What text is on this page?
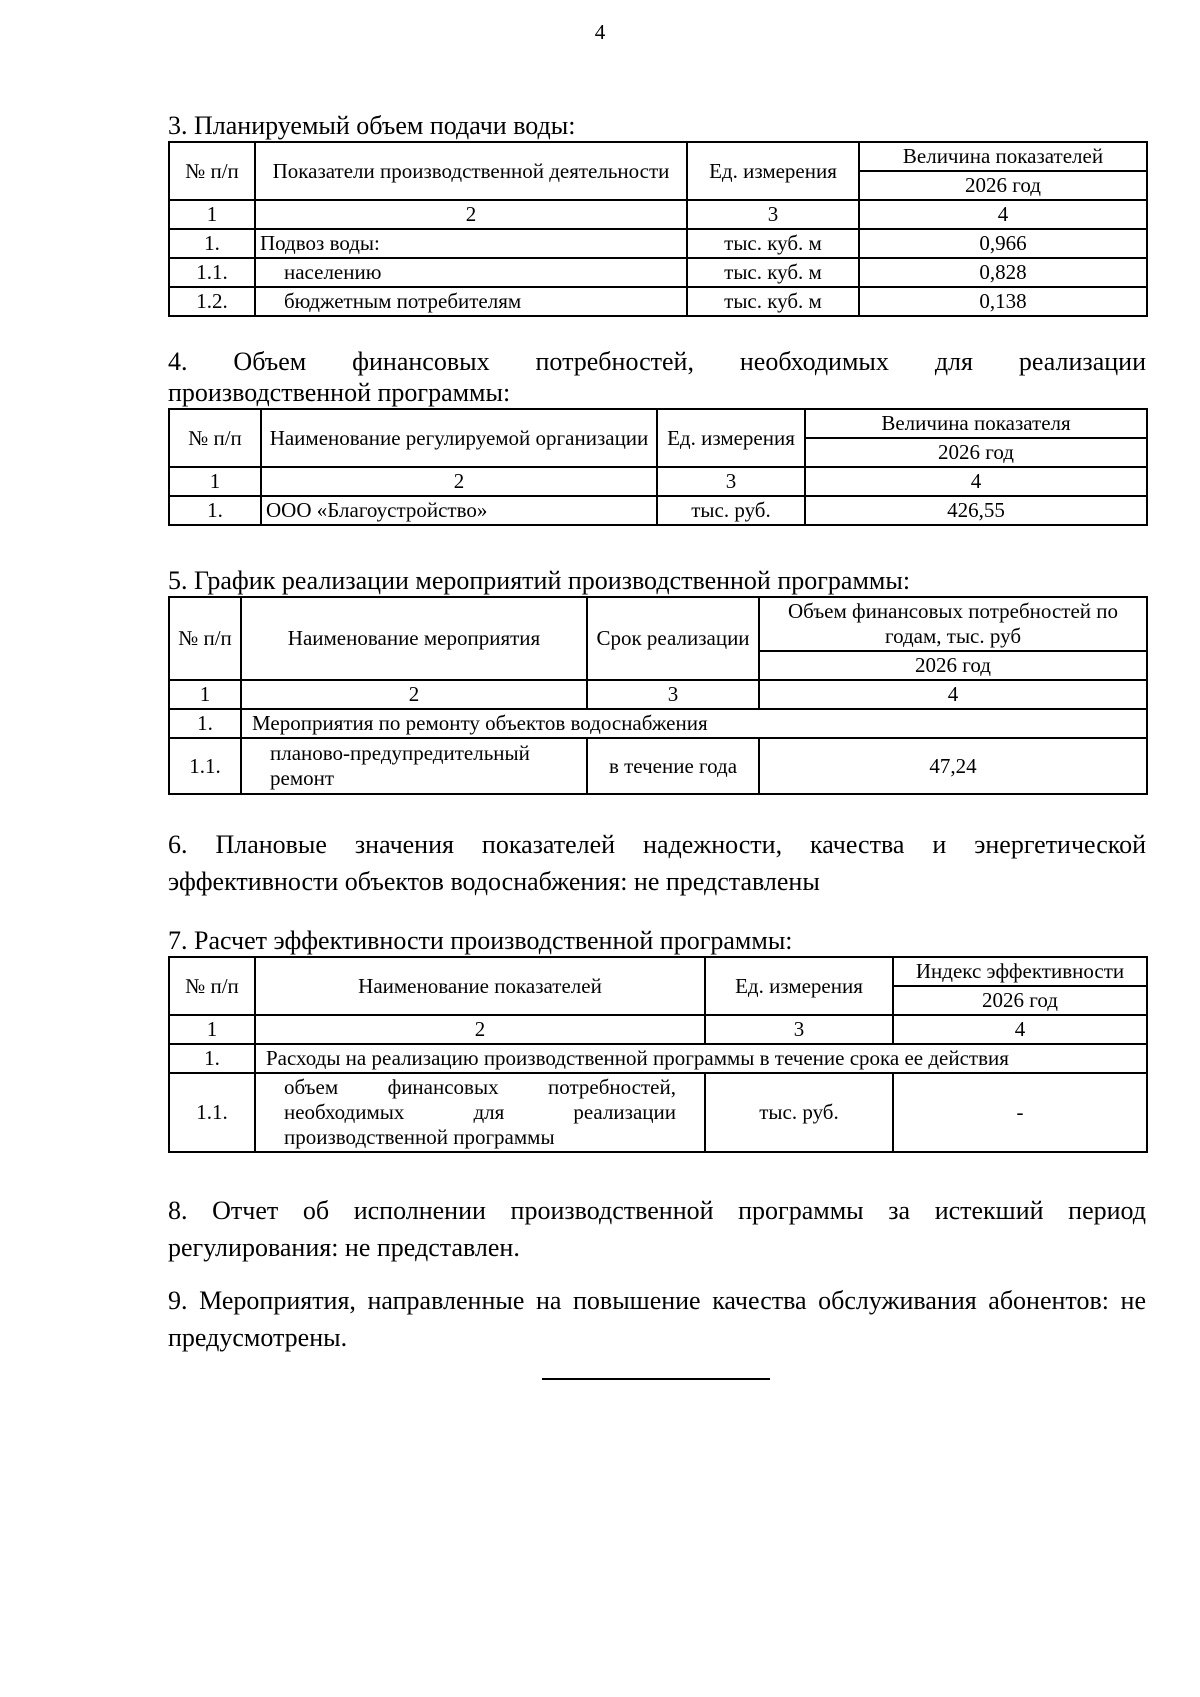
4
3. Планируемый объем подачи воды:
№ п/п	Показатели производственной деятельности	Ед. измерения	Величина показателей
			2026 год
1	2	3	4
1.	Подвоз воды:	тыс. куб. м	0,966
1.1.	населению	тыс. куб. м	0,828
1.2.	бюджетным потребителям	тыс. куб. м	0,138
4. Объем финансовых потребностей, необходимых для реализации
производственной программы:
№ п/п	Наименование регулируемой организации	Ед. измерения	Величина показателя
			2026 год
1	2	3	4
1.	ООО «Благоустройство»	тыс. руб.	426,55
5. График реализации мероприятий производственной программы:
№ п/п	Наименование мероприятия	Срок реализации	Объем финансовых потребностей по годам, тыс. руб
			2026 год
1	2	3	4
1.	Мероприятия по ремонту объектов водоснабжения		
1.1.	планово-предупредительный ремонт	в течение года	47,24
6. Плановые значения показателей надежности, качества и энергетической эффективности объектов водоснабжения: не представлены
7. Расчет эффективности производственной программы:
№ п/п	Наименование показателей	Ед. измерения	Индекс эффективности
			2026 год
1	2	3	4
1.	Расходы на реализацию производственной программы в течение срока ее действия		
1.1.	объем финансовых потребностей, необходимых для реализации производственной программы	тыс. руб.	-
8. Отчет об исполнении производственной программы за истекший период регулирования: не представлен.
9. Мероприятия, направленные на повышение качества обслуживания абонентов: не предусмотрены.
